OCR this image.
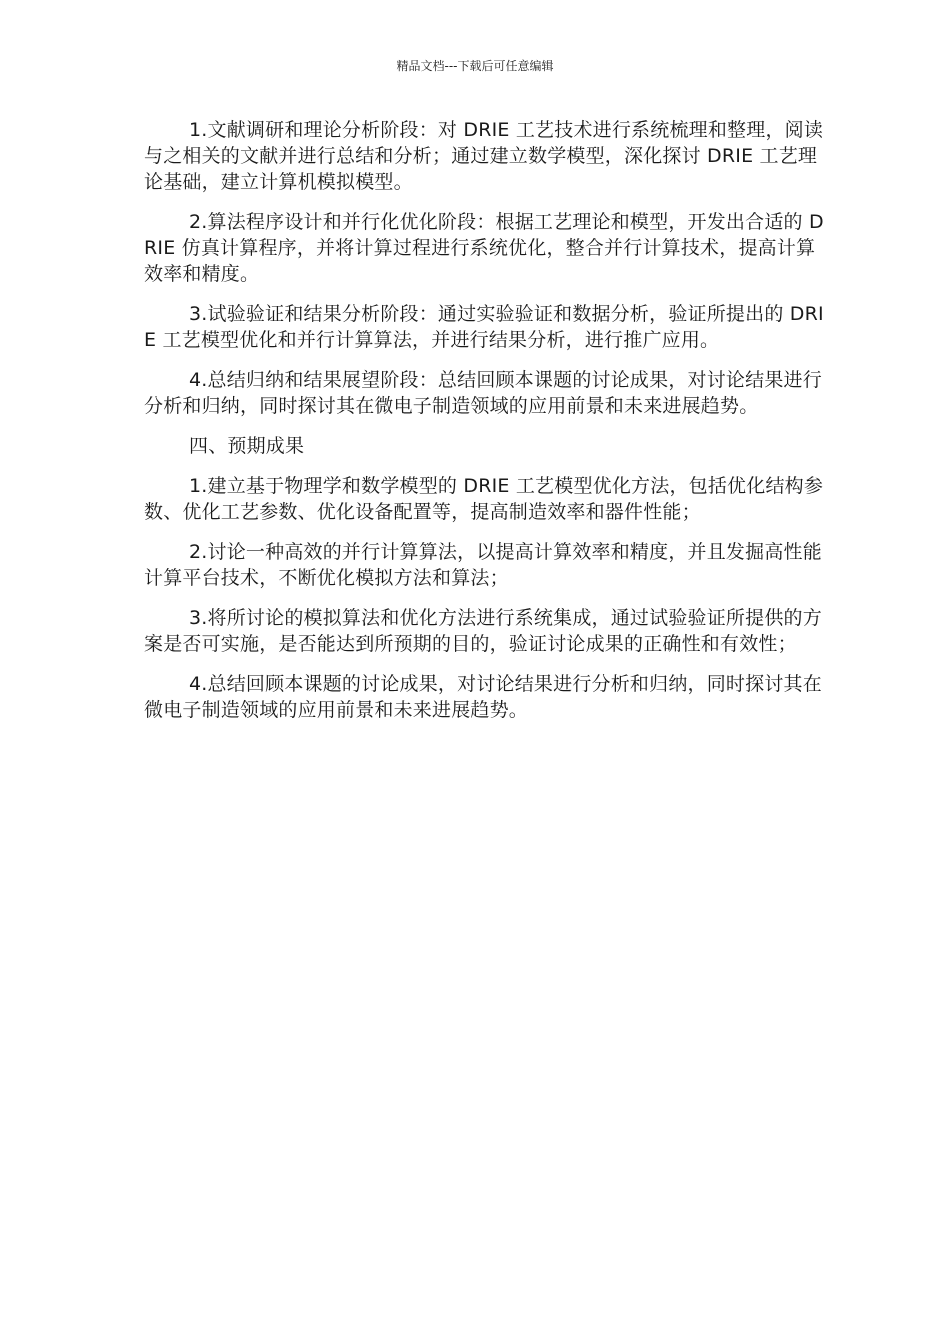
精品文档---下载后可任意编辑

1.文献调研和理论分析阶段：对 DRIE 工艺技术进行系统梳理和整理，阅读与之相关的文献并进行总结和分析；通过建立数学模型，深化探讨 DRIE 工艺理论基础，建立计算机模拟模型。

2.算法程序设计和并行化优化阶段：根据工艺理论和模型，开发出合适的 DRIE 仿真计算程序，并将计算过程进行系统优化，整合并行计算技术，提高计算效率和精度。

3.试验验证和结果分析阶段：通过实验验证和数据分析，验证所提出的 DRIE 工艺模型优化和并行计算算法，并进行结果分析，进行推广应用。

4.总结归纳和结果展望阶段：总结回顾本课题的讨论成果，对讨论结果进行分析和归纳，同时探讨其在微电子制造领域的应用前景和未来进展趋势。

四、预期成果

1.建立基于物理学和数学模型的 DRIE 工艺模型优化方法，包括优化结构参数、优化工艺参数、优化设备配置等，提高制造效率和器件性能；

2.讨论一种高效的并行计算算法，以提高计算效率和精度，并且发掘高性能计算平台技术，不断优化模拟方法和算法；

3.将所讨论的模拟算法和优化方法进行系统集成，通过试验验证所提供的方案是否可实施，是否能达到所预期的目的，验证讨论成果的正确性和有效性；

4.总结回顾本课题的讨论成果，对讨论结果进行分析和归纳，同时探讨其在微电子制造领域的应用前景和未来进展趋势。
